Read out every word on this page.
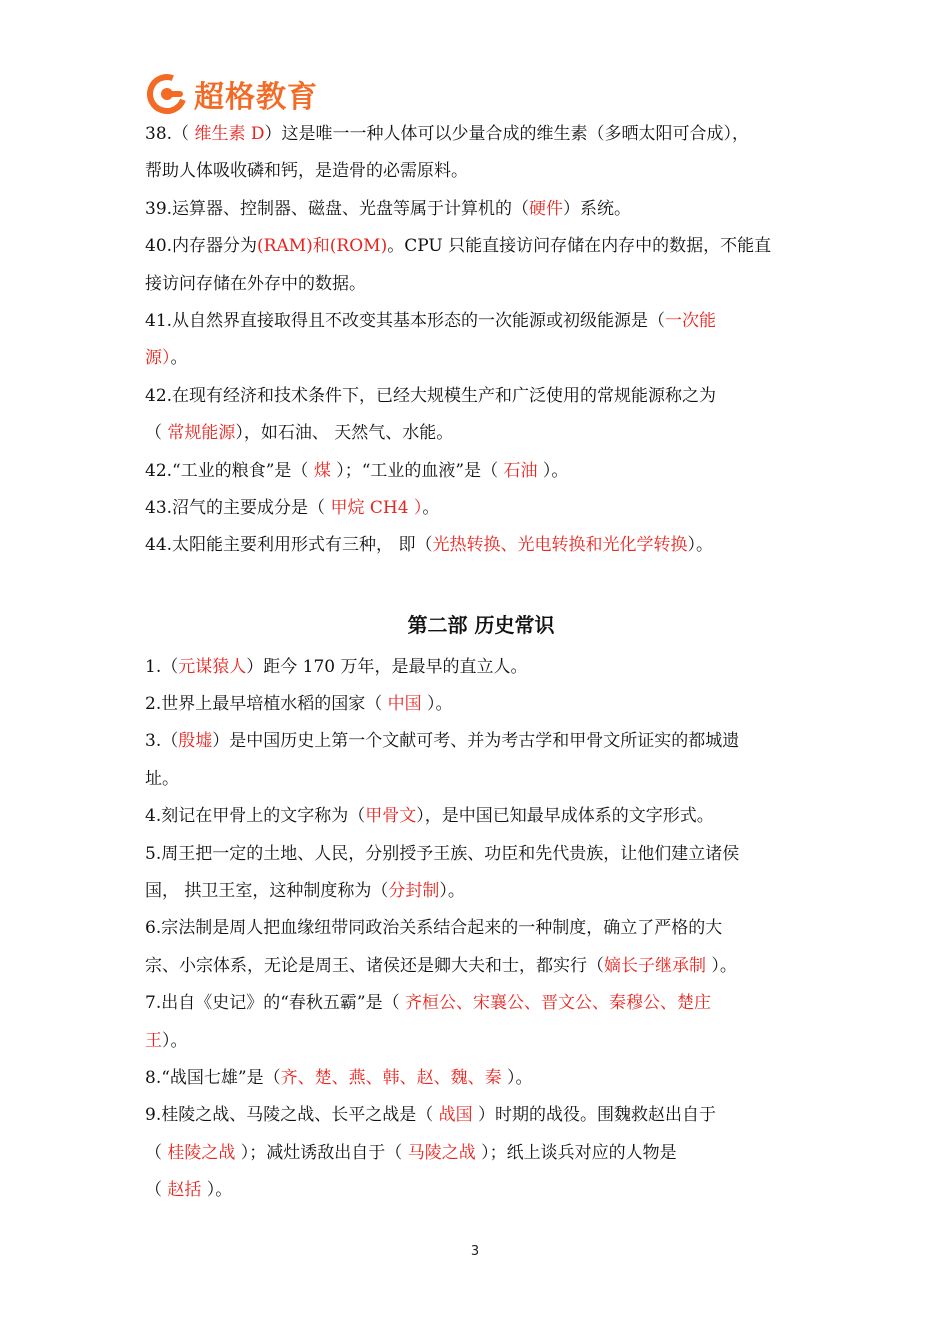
超格教育
38.（ 维生素 D）这是唯一一种人体可以少量合成的维生素（多晒太阳可合成），
帮助人体吸收磷和钙，是造骨的必需原料。
39.运算器、控制器、磁盘、光盘等属于计算机的（硬件）系统。
40.内存器分为(RAM)和(ROM)。CPU 只能直接访问存储在内存中的数据，不能直
接访问存储在外存中的数据。
41.从自然界直接取得且不改变其基本形态的一次能源或初级能源是（一次能
源）。
42.在现有经济和技术条件下，已经大规模生产和广泛使用的常规能源称之为
（ 常规能源），如石油、 天然气、水能。
42.“工业的粮食”是（ 煤 ）；“工业的血液”是（ 石油 ）。
43.沼气的主要成分是（ 甲烷 CH4 ）。
44.太阳能主要利用形式有三种， 即（光热转换、光电转换和光化学转换）。
第二部 历史常识
1.（元谋猿人）距今 170 万年，是最早的直立人。
2.世界上最早培植水稻的国家（ 中国 ）。
3.（殷墟）是中国历史上第一个文献可考、并为考古学和甲骨文所证实的都城遗
址。
4.刻记在甲骨上的文字称为（甲骨文），是中国已知最早成体系的文字形式。
5.周王把一定的土地、人民，分别授予王族、功臣和先代贵族，让他们建立诸侯
国， 拱卫王室，这种制度称为（分封制）。
6.宗法制是周人把血缘纽带同政治关系结合起来的一种制度，确立了严格的大
宗、小宗体系，无论是周王、诸侯还是卿大夫和士，都实行（嫡长子继承制 ）。
7.出自《史记》的“春秋五霸”是（ 齐桓公、宋襄公、晋文公、秦穆公、楚庄
王）。
8.“战国七雄”是（齐、楚、燕、韩、赵、魏、秦 ）。
9.桂陵之战、马陵之战、长平之战是（ 战国 ）时期的战役。围魏救赵出自于
（ 桂陵之战 ）；减灶诱敌出自于（ 马陵之战 ）；纸上谈兵对应的人物是
（ 赵括 ）。
3
